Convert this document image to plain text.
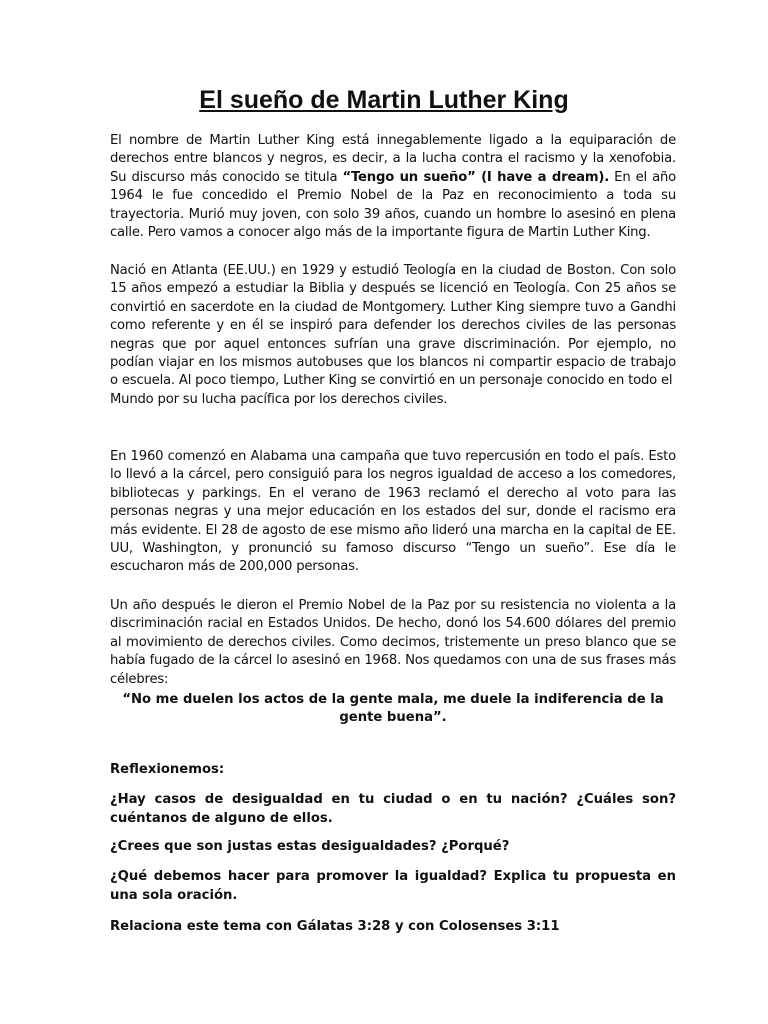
El sueño de Martin Luther King

El nombre de Martin Luther King está innegablemente ligado a la equiparación de derechos entre blancos y negros, es decir, a la lucha contra el racismo y la xenofobia. Su discurso más conocido se titula “Tengo un sueño” (I have a dream). En el año 1964 le fue concedido el Premio Nobel de la Paz en reconocimiento a toda su trayectoria. Murió muy joven, con solo 39 años, cuando un hombre lo asesinó en plena calle. Pero vamos a conocer algo más de la importante figura de Martin Luther King.

Nació en Atlanta (EE.UU.) en 1929 y estudió Teología en la ciudad de Boston. Con solo 15 años empezó a estudiar la Biblia y después se licenció en Teología. Con 25 años se convirtió en sacerdote en la ciudad de Montgomery. Luther King siempre tuvo a Gandhi como referente y en él se inspiró para defender los derechos civiles de las personas negras que por aquel entonces sufrían una grave discriminación. Por ejemplo, no podían viajar en los mismos autobuses que los blancos ni compartir espacio de trabajo o escuela. Al poco tiempo, Luther King se convirtió en un personaje conocido en todo el

Mundo por su lucha pacífica por los derechos civiles.

En 1960 comenzó en Alabama una campaña que tuvo repercusión en todo el país. Esto lo llevó a la cárcel, pero consiguió para los negros igualdad de acceso a los comedores, bibliotecas y parkings. En el verano de 1963 reclamó el derecho al voto para las personas negras y una mejor educación en los estados del sur, donde el racismo era más evidente. El 28 de agosto de ese mismo año lideró una marcha en la capital de EE. UU, Washington, y pronunció su famoso discurso “Tengo un sueño”. Ese día le escucharon más de 200,000 personas.

Un año después le dieron el Premio Nobel de la Paz por su resistencia no violenta a la discriminación racial en Estados Unidos. De hecho, donó los 54.600 dólares del premio al movimiento de derechos civiles. Como decimos, tristemente un preso blanco que se había fugado de la cárcel lo asesinó en 1968. Nos quedamos con una de sus frases más célebres:

“No me duelen los actos de la gente mala, me duele la indiferencia de la gente buena”.
Reflexionemos:
¿Hay casos de desigualdad en tu ciudad o en tu nación? ¿Cuáles son? cuéntanos de alguno de ellos.
¿Crees que son justas estas desigualdades? ¿Porqué?
¿Qué debemos hacer para promover la igualdad? Explica tu propuesta en una sola oración.
Relaciona este tema con Gálatas 3:28 y con Colosenses 3:11
